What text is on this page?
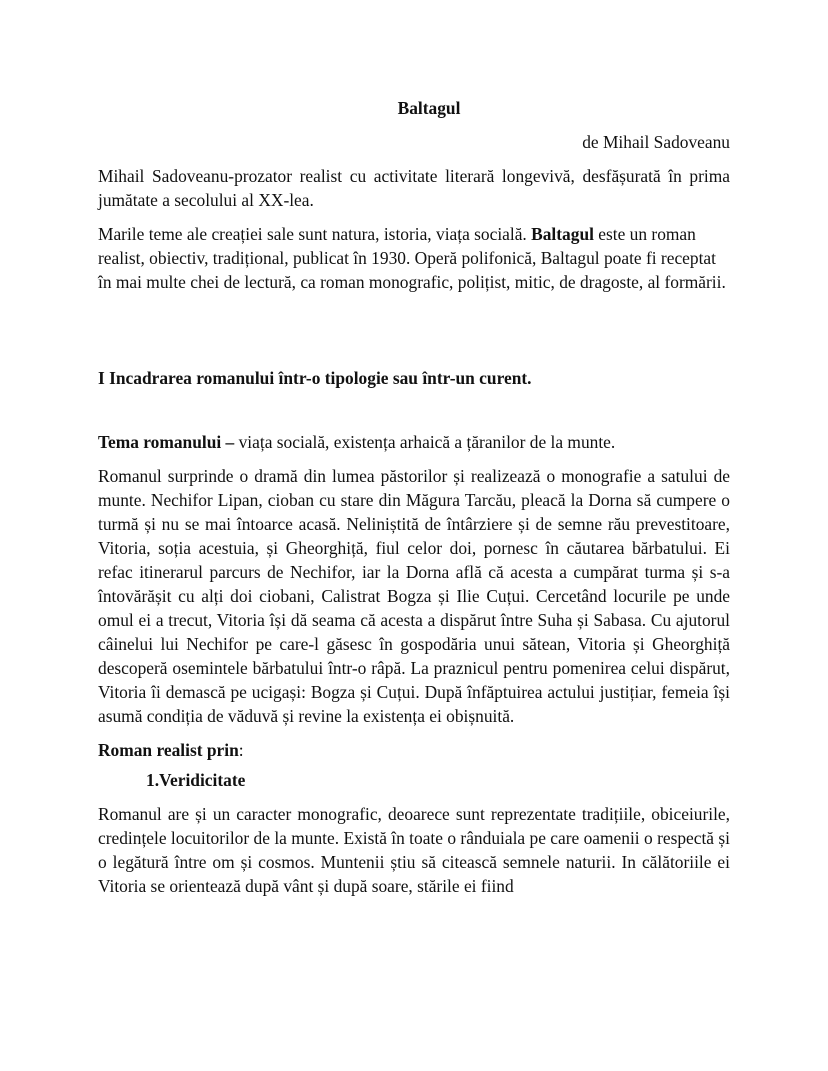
Baltagul

de Mihail Sadoveanu

Mihail Sadoveanu-prozator realist cu activitate literară longevivă, desfășurată în prima jumătate a secolului al XX-lea.

Marile teme ale creației sale sunt natura, istoria, viața socială. Baltagul este un roman realist, obiectiv, tradițional, publicat în 1930. Operă polifonică, Baltagul poate fi receptat în mai multe chei de lectură, ca roman monografic, polițist, mitic, de dragoste, al formării.

I Incadrarea romanului într-o tipologie sau într-un curent.

Tema romanului – viața socială, existența arhaică a țăranilor de la munte.

Romanul surprinde o dramă din lumea păstorilor și realizează o monografie a satului de munte. Nechifor Lipan, cioban cu stare din Măgura Tarcău, pleacă la Dorna să cumpere o turmă și nu se mai întoarce acasă. Neliniștită de întârziere și de semne rău prevestitoare, Vitoria, soția acestuia, și Gheorghiță, fiul celor doi, pornesc în căutarea bărbatului. Ei refac itinerarul parcurs de Nechifor, iar la Dorna află că acesta a cumpărat turma și s-a întovărășit cu alți doi ciobani, Calistrat Bogza și Ilie Cuțui. Cercetând locurile pe unde omul ei a trecut, Vitoria își dă seama că acesta a dispărut între Suha și Sabasa. Cu ajutorul câinelui lui Nechifor pe care-l găsesc în gospodăria unui sătean, Vitoria și Gheorghiță descoperă osemintele bărbatului într-o râpă. La praznicul pentru pomenirea celui dispărut, Vitoria îi demască pe ucigași: Bogza și Cuțui. După înfăptuirea actului justițiar, femeia își asumă condiția de văduvă și revine la existența ei obișnuită.

Roman realist prin:

1.Veridicitate

Romanul are și un caracter monografic, deoarece sunt reprezentate tradițiile, obiceiurile, credințele locuitorilor de la munte. Există în toate o rânduiala pe care oamenii o respectă și o legătură între om și cosmos. Muntenii știu să citească semnele naturii. In călătoriile ei Vitoria se orientează după vânt și după soare, stările ei fiind
